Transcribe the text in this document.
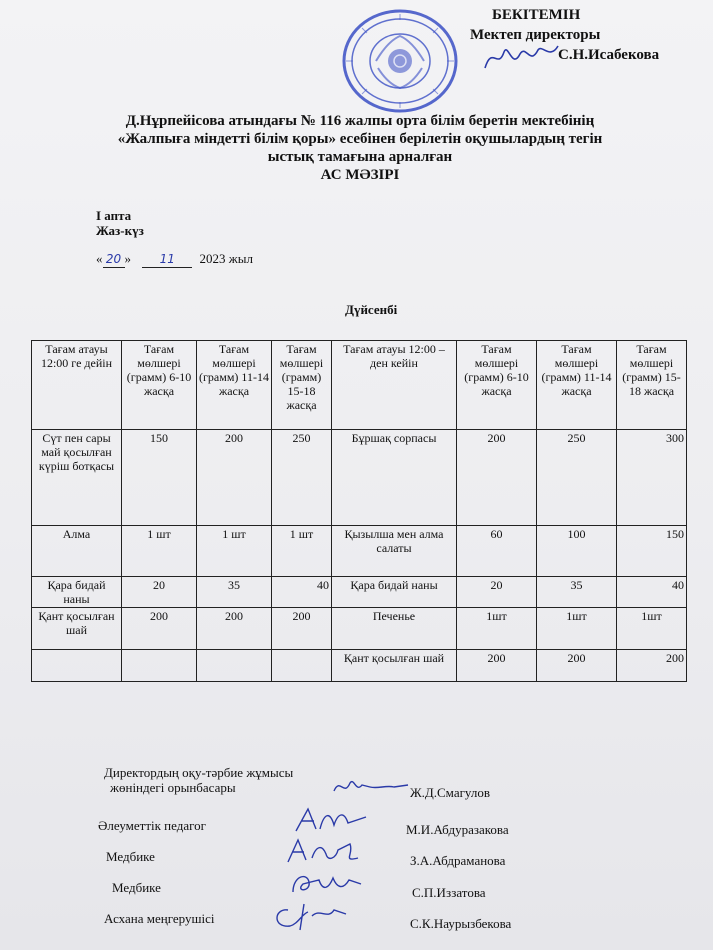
БЕКІТЕМІН
Мектеп директоры
С.Н.Исабекова
Д.Нұрпейісова атындағы № 116 жалпы орта білім беретін мектебінің
«Жалпыға міндетті білім қоры» есебінен берілетін оқушылардың тегін
ыстық тамағына арналған
АС МӘЗІРІ
І апта
Жаз-күз
« 20 » 11 2023 жыл
Дүйсенбі
Тағам атауы 12:00 ге дейін	Тағам мөлшері (грамм) 6-10 жасқа	Тағам мөлшері (грамм) 11-14 жасқа	Тағам мөлшері (грамм) 15-18 жасқа	Тағам атауы 12:00 – ден кейін	Тағам мөлшері (грамм) 6-10 жасқа	Тағам мөлшері (грамм) 11-14 жасқа	Тағам мөлшері (грамм) 15-18 жасқа
Сүт пен сары май қосылған күріш ботқасы	150	200	250	Бұршақ сорпасы	200	250	300
Алма	1 шт	1 шт	1 шт	Қызылша мен алма салаты	60	100	150
Қара бидай наны	20	35	40	Қара бидай наны	20	35	40
Қант қосылған шай	200	200	200	Печенье	1шт	1шт	1шт
				Қант қосылған шай	200	200	200
Директордың оқу-тәрбие жұмысы
жөніндегі орынбасары	Ж.Д.Смагулов
Әлеуметтік педагог	М.И.Абдуразакова
Медбике	З.А.Абдраманова
Медбике	С.П.Иззатова
Асхана меңгерушісі	С.К.Наурызбекова
